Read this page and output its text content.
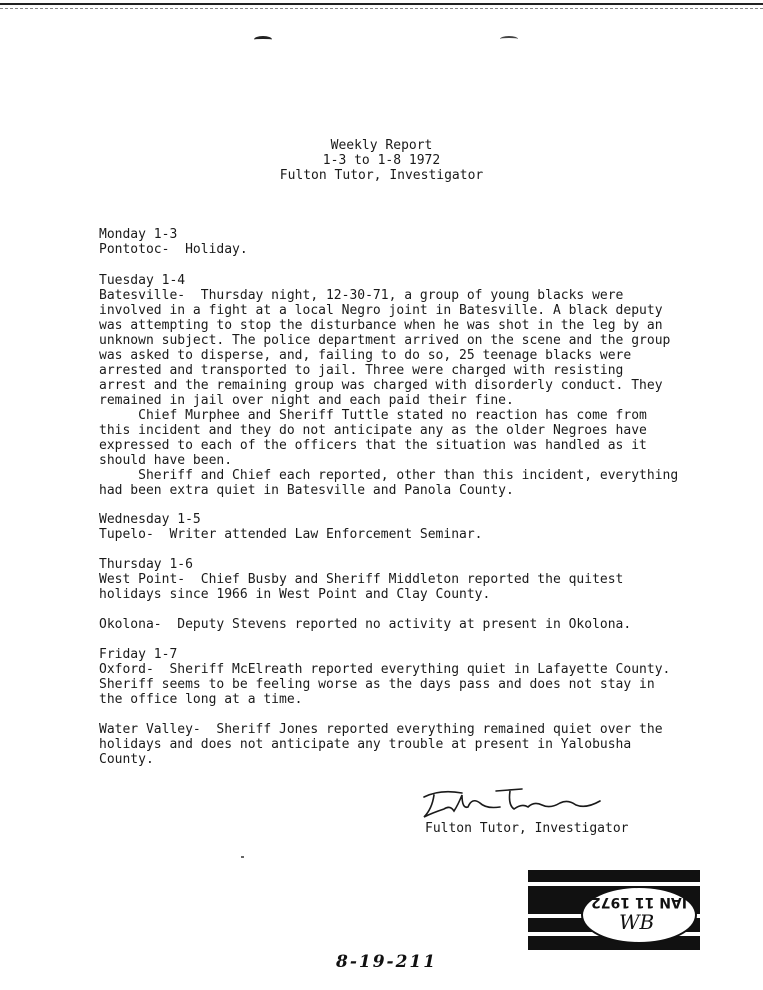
Weekly Report
1-3 to 1-8 1972
Fulton Tutor, Investigator
Monday 1-3
Pontotoc-  Holiday.
Tuesday 1-4
Batesville-  Thursday night, 12-30-71, a group of young blacks were
involved in a fight at a local Negro joint in Batesville. A black deputy
was attempting to stop the disturbance when he was shot in the leg by an
unknown subject. The police department arrived on the scene and the group
was asked to disperse, and, failing to do so, 25 teenage blacks were
arrested and transported to jail. Three were charged with resisting
arrest and the remaining group was charged with disorderly conduct. They
remained in jail over night and each paid their fine.
Chief Murphee and Sheriff Tuttle stated no reaction has come from
this incident and they do not anticipate any as the older Negroes have
expressed to each of the officers that the situation was handled as it
should have been.
Sheriff and Chief each reported, other than this incident, everything
had been extra quiet in Batesville and Panola County.
Wednesday 1-5
Tupelo-  Writer attended Law Enforcement Seminar.
Thursday 1-6
West Point-  Chief Busby and Sheriff Middleton reported the quitest
holidays since 1966 in West Point and Clay County.

Okolona-  Deputy Stevens reported no activity at present in Okolona.
Friday 1-7
Oxford-  Sheriff McElreath reported everything quiet in Lafayette County.
Sheriff seems to be feeling worse as the days pass and does not stay in
the office long at a time.

Water Valley-  Sheriff Jones reported everything remained quiet over the
holidays and does not anticipate any trouble at present in Yalobusha
County.
Fulton Tutor, Investigator
JAN 11 1972
WB
8-19-211
